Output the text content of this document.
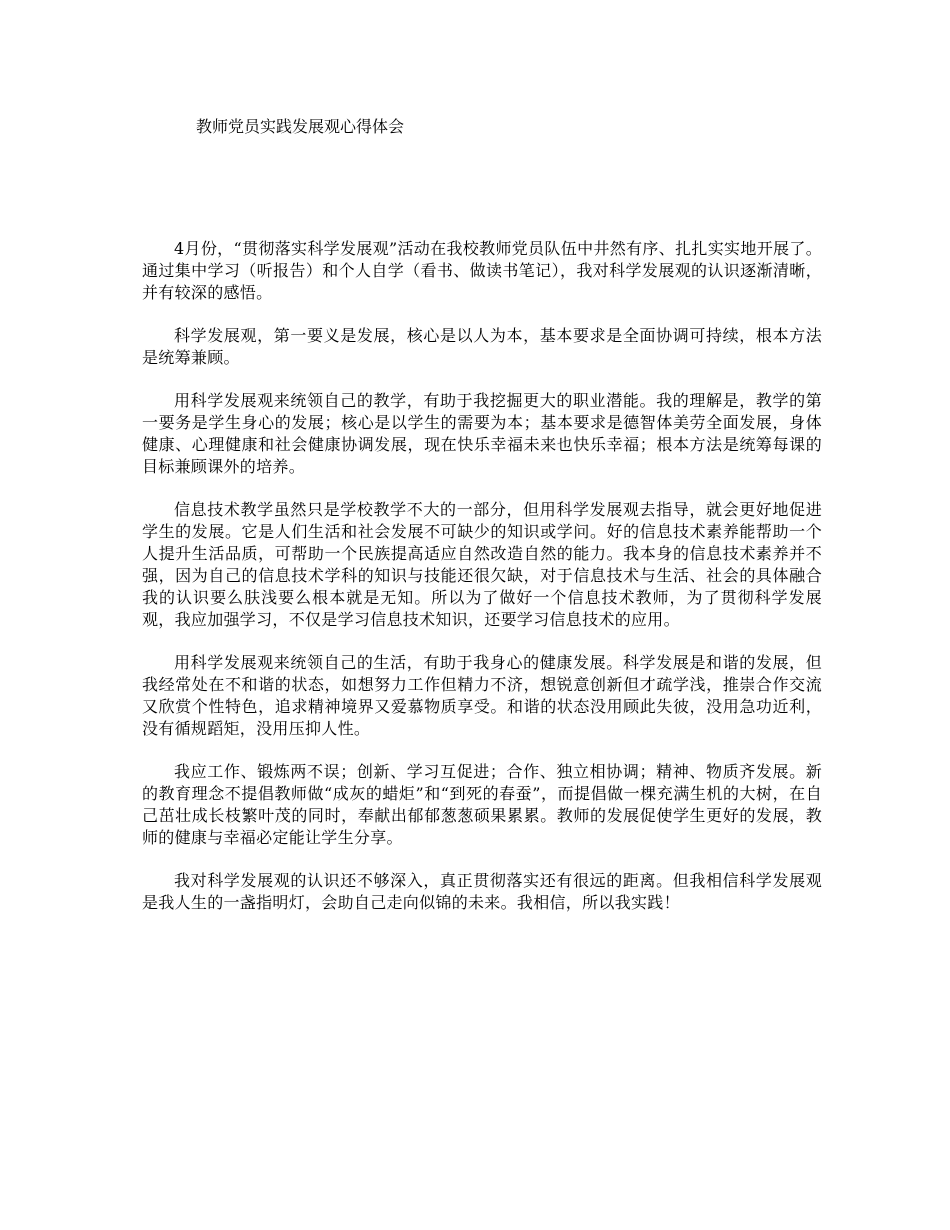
教师党员实践发展观心得体会

4月份，“贯彻落实科学发展观”活动在我校教师党员队伍中井然有序、扎扎实实地开展了。通过集中学习（听报告）和个人自学（看书、做读书笔记），我对科学发展观的认识逐渐清晰，并有较深的感悟。

科学发展观，第一要义是发展，核心是以人为本，基本要求是全面协调可持续，根本方法是统筹兼顾。

用科学发展观来统领自己的教学，有助于我挖掘更大的职业潜能。我的理解是，教学的第一要务是学生身心的发展；核心是以学生的需要为本；基本要求是德智体美劳全面发展，身体健康、心理健康和社会健康协调发展，现在快乐幸福未来也快乐幸福；根本方法是统筹每课的目标兼顾课外的培养。

信息技术教学虽然只是学校教学不大的一部分，但用科学发展观去指导，就会更好地促进学生的发展。它是人们生活和社会发展不可缺少的知识或学问。好的信息技术素养能帮助一个人提升生活品质，可帮助一个民族提高适应自然改造自然的能力。我本身的信息技术素养并不强，因为自己的信息技术学科的知识与技能还很欠缺，对于信息技术与生活、社会的具体融合我的认识要么肤浅要么根本就是无知。所以为了做好一个信息技术教师，为了贯彻科学发展观，我应加强学习，不仅是学习信息技术知识，还要学习信息技术的应用。

用科学发展观来统领自己的生活，有助于我身心的健康发展。科学发展是和谐的发展，但我经常处在不和谐的状态，如想努力工作但精力不济，想锐意创新但才疏学浅，推崇合作交流又欣赏个性特色，追求精神境界又爱慕物质享受。和谐的状态没用顾此失彼，没用急功近利，没有循规蹈矩，没用压抑人性。

我应工作、锻炼两不误；创新、学习互促进；合作、独立相协调；精神、物质齐发展。新的教育理念不提倡教师做“成灰的蜡炬”和“到死的春蚕”，而提倡做一棵充满生机的大树，在自己茁壮成长枝繁叶茂的同时，奉献出郁郁葱葱硕果累累。教师的发展促使学生更好的发展，教师的健康与幸福必定能让学生分享。

我对科学发展观的认识还不够深入，真正贯彻落实还有很远的距离。但我相信科学发展观是我人生的一盏指明灯，会助自己走向似锦的未来。我相信，所以我实践！
